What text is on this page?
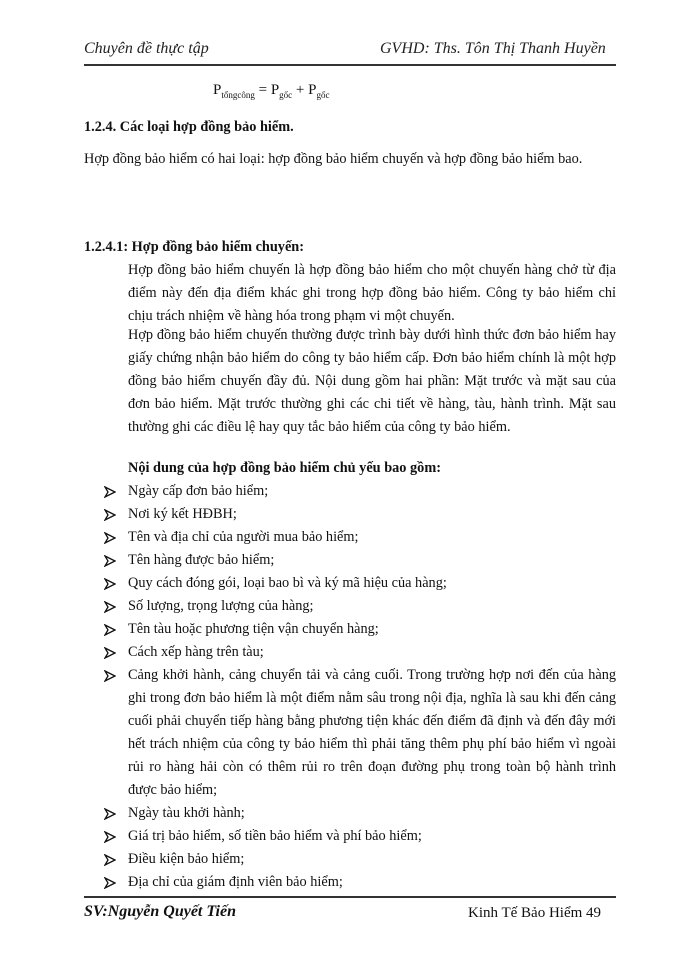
Chuyên đề thực tập	GVHD: Ths. Tôn Thị Thanh Huyền
$P_{tổngcông} = P_{gốc} + P_{gốc}$

1.2.4. Các loại hợp đồng bảo hiểm.

Hợp đồng bảo hiểm có hai loại: hợp đồng bảo hiểm chuyến và hợp đồng bảo hiểm bao.

1.2.4.1: Hợp đồng bảo hiểm chuyến:

Hợp đồng bảo hiểm chuyến là hợp đồng bảo hiểm cho một chuyến hàng chở từ địa điểm này đến địa điểm khác ghi trong hợp đồng bảo hiểm. Công ty bảo hiểm chỉ chịu trách nhiệm về hàng hóa trong phạm vi một chuyến.

Hợp đồng bảo hiểm chuyến thường được trình bày dưới hình thức đơn bảo hiểm hay giấy chứng nhận bảo hiểm do công ty bảo hiểm cấp. Đơn bảo hiểm chính là một hợp đồng bảo hiểm chuyến đầy đủ. Nội dung gồm hai phần: Mặt trước và mặt sau của đơn bảo hiểm. Mặt trước thường ghi các chi tiết về hàng, tàu, hành trình. Mặt sau thường ghi các điều lệ hay quy tắc bảo hiểm của công ty bảo hiểm.

Nội dung của hợp đồng bảo hiểm chủ yếu bao gồm:

Ngày cấp đơn bảo hiểm;
Nơi ký kết HĐBH;
Tên và địa chỉ của người mua bảo hiểm;
Tên hàng được bảo hiểm;
Quy cách đóng gói, loại bao bì và ký mã hiệu của hàng;
Số lượng, trọng lượng của hàng;
Tên tàu hoặc phương tiện vận chuyển hàng;
Cách xếp hàng trên tàu;
Cảng khởi hành, cảng chuyển tải và cảng cuối. Trong trường hợp nơi đến của hàng ghi trong đơn bảo hiểm là một điểm nằm sâu trong nội địa, nghĩa là sau khi đến cảng cuối phải chuyển tiếp hàng bằng phương tiện khác đến điểm đã định và đến đây mới hết trách nhiệm của công ty bảo hiểm thì phải tăng thêm phụ phí bảo hiểm vì ngoài rủi ro hàng hải còn có thêm rủi ro trên đoạn đường phụ trong toàn bộ hành trình được bảo hiểm;
Ngày tàu khởi hành;
Giá trị bảo hiểm, số tiền bảo hiểm và phí bảo hiểm;
Điều kiện bảo hiểm;
Địa chỉ của giám định viên bảo hiểm;
SV:Nguyễn Quyết Tiến	Kinh Tế Bảo Hiểm 49
